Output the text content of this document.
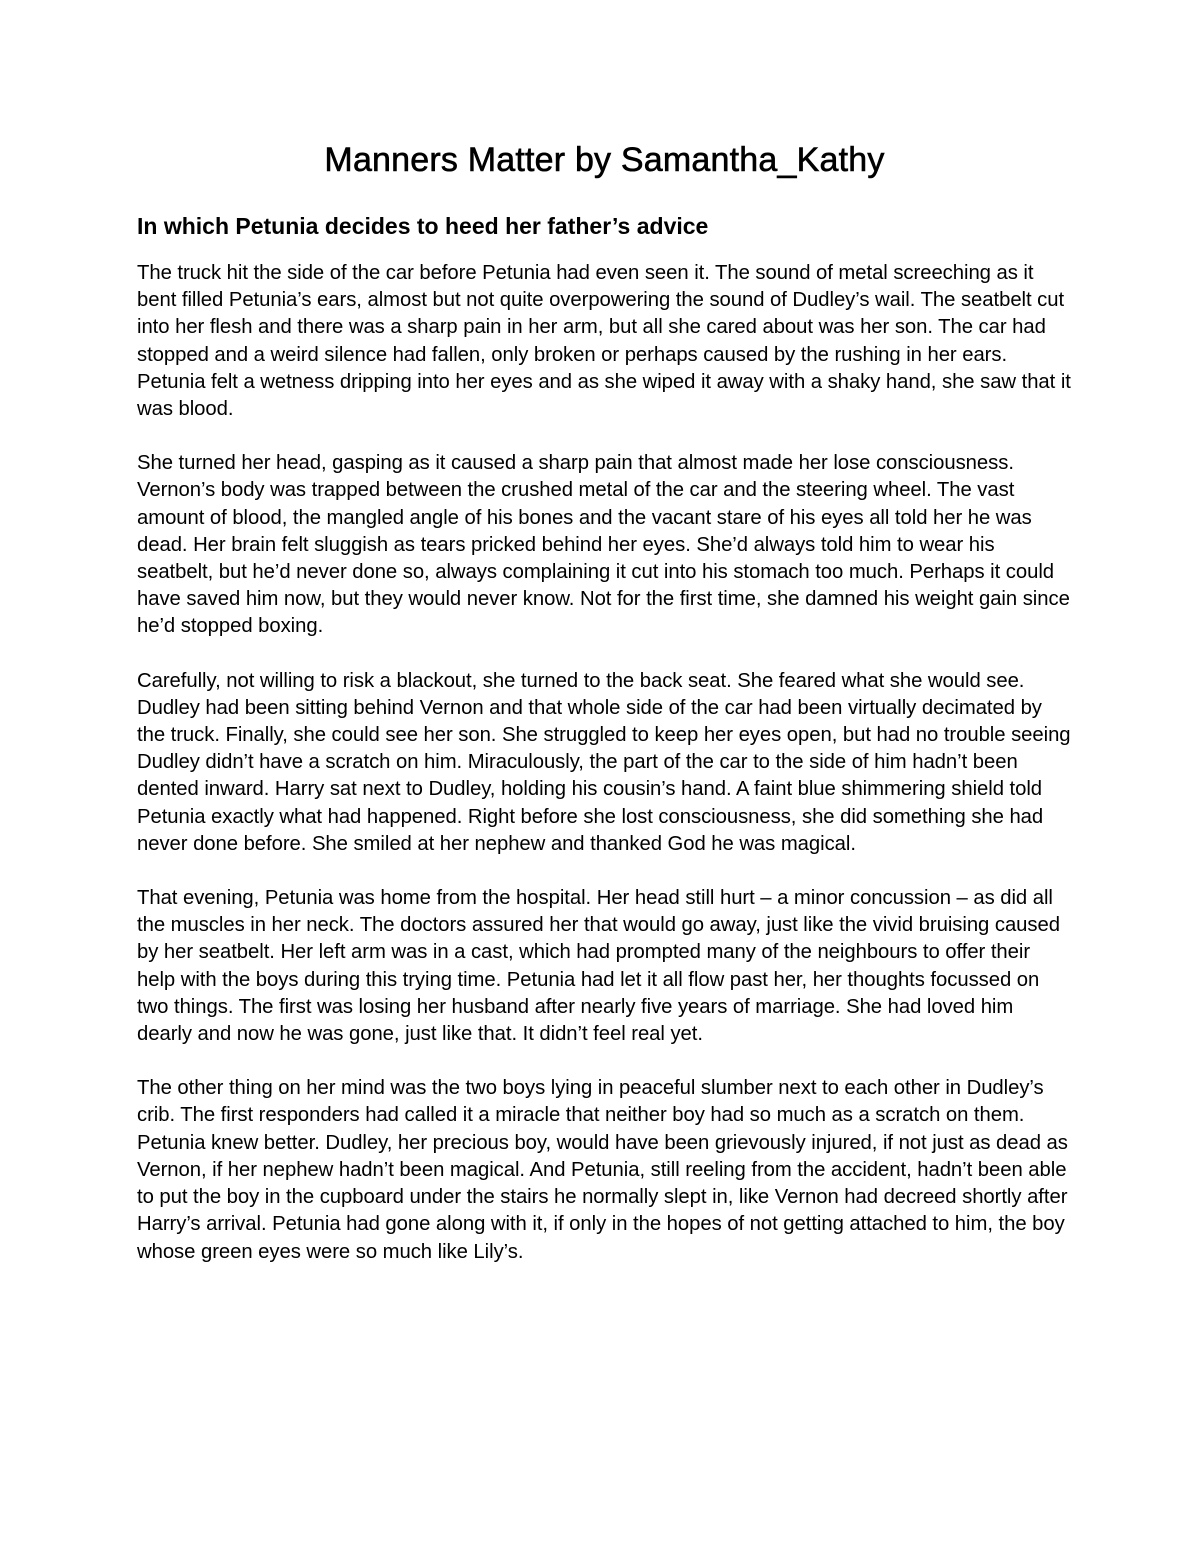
Manners Matter by Samantha_Kathy
In which Petunia decides to heed her father’s advice

The truck hit the side of the car before Petunia had even seen it. The sound of metal screeching as it bent filled Petunia’s ears, almost but not quite overpowering the sound of Dudley’s wail. The seatbelt cut into her flesh and there was a sharp pain in her arm, but all she cared about was her son. The car had stopped and a weird silence had fallen, only broken or perhaps caused by the rushing in her ears. Petunia felt a wetness dripping into her eyes and as she wiped it away with a shaky hand, she saw that it was blood.

She turned her head, gasping as it caused a sharp pain that almost made her lose consciousness. Vernon’s body was trapped between the crushed metal of the car and the steering wheel. The vast amount of blood, the mangled angle of his bones and the vacant stare of his eyes all told her he was dead. Her brain felt sluggish as tears pricked behind her eyes. She’d always told him to wear his seatbelt, but he’d never done so, always complaining it cut into his stomach too much. Perhaps it could have saved him now, but they would never know. Not for the first time, she damned his weight gain since he’d stopped boxing.

Carefully, not willing to risk a blackout, she turned to the back seat. She feared what she would see. Dudley had been sitting behind Vernon and that whole side of the car had been virtually decimated by the truck. Finally, she could see her son. She struggled to keep her eyes open, but had no trouble seeing Dudley didn’t have a scratch on him. Miraculously, the part of the car to the side of him hadn’t been dented inward. Harry sat next to Dudley, holding his cousin’s hand. A faint blue shimmering shield told Petunia exactly what had happened. Right before she lost consciousness, she did something she had never done before. She smiled at her nephew and thanked God he was magical.

That evening, Petunia was home from the hospital. Her head still hurt – a minor concussion – as did all the muscles in her neck. The doctors assured her that would go away, just like the vivid bruising caused by her seatbelt. Her left arm was in a cast, which had prompted many of the neighbours to offer their help with the boys during this trying time. Petunia had let it all flow past her, her thoughts focussed on two things. The first was losing her husband after nearly five years of marriage. She had loved him dearly and now he was gone, just like that. It didn’t feel real yet.

The other thing on her mind was the two boys lying in peaceful slumber next to each other in Dudley’s crib. The first responders had called it a miracle that neither boy had so much as a scratch on them. Petunia knew better. Dudley, her precious boy, would have been grievously injured, if not just as dead as Vernon, if her nephew hadn’t been magical. And Petunia, still reeling from the accident, hadn’t been able to put the boy in the cupboard under the stairs he normally slept in, like Vernon had decreed shortly after Harry’s arrival. Petunia had gone along with it, if only in the hopes of not getting attached to him, the boy whose green eyes were so much like Lily’s.
